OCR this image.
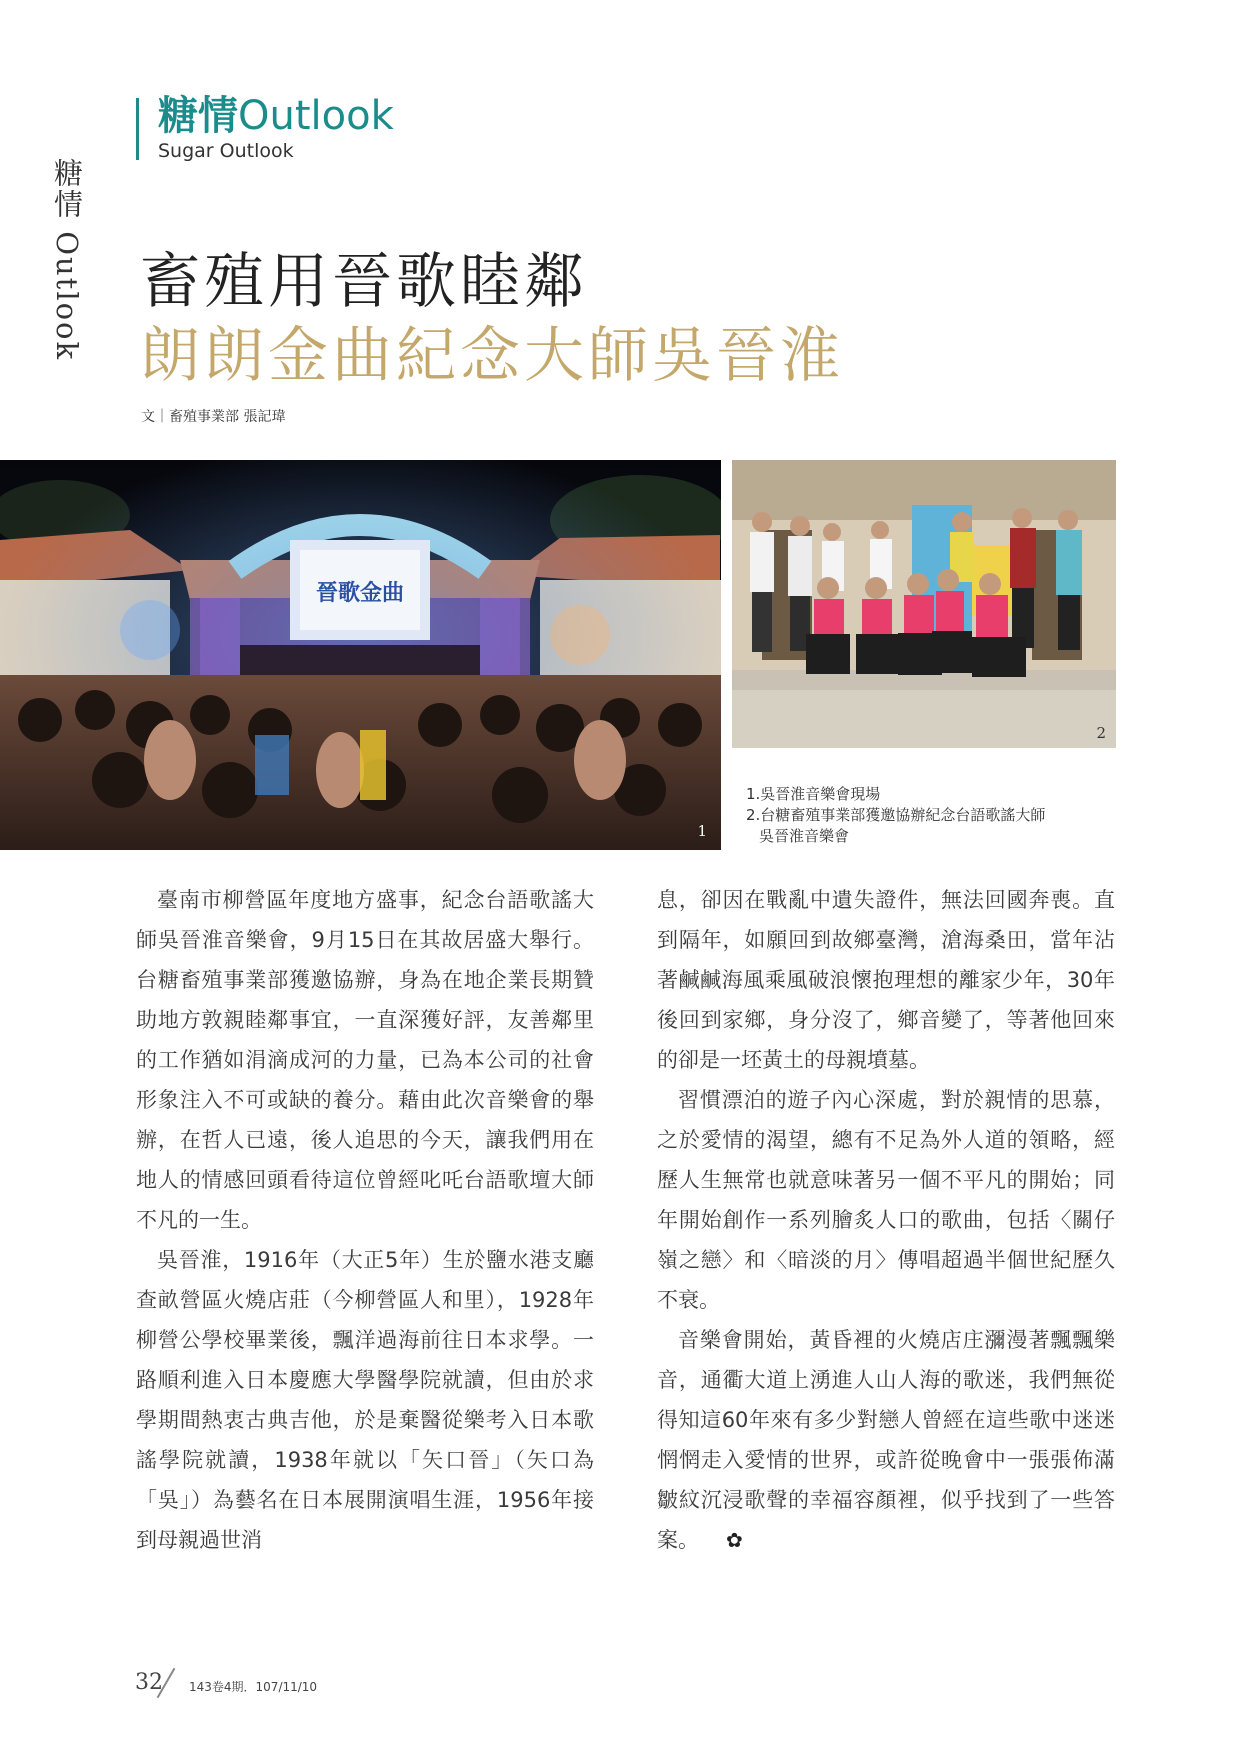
糖情 Outlook
糖情Outlook
Sugar Outlook
畜殖用晉歌睦鄰
朗朗金曲紀念大師吳晉淮
文｜畜殖事業部 張記瑋
晉歌金曲
1
2
1.吳晉淮音樂會現場
2.台糖畜殖事業部獲邀協辦紀念台語歌謠大師
吳晉淮音樂會

臺南市柳營區年度地方盛事，紀念台語歌謠大師吳晉淮音樂會，9月15日在其故居盛大舉行。台糖畜殖事業部獲邀協辦，身為在地企業長期贊助地方敦親睦鄰事宜，一直深獲好評，友善鄰里的工作猶如涓滴成河的力量，已為本公司的社會形象注入不可或缺的養分。藉由此次音樂會的舉辦，在哲人已遠，後人追思的今天，讓我們用在地人的情感回頭看待這位曾經叱吒台語歌壇大師不凡的一生。

吳晉淮，1916年（大正5年）生於鹽水港支廳查畝營區火燒店莊（今柳營區人和里），1928年柳營公學校畢業後，飄洋過海前往日本求學。一路順利進入日本慶應大學醫學院就讀，但由於求學期間熱衷古典吉他，於是棄醫從樂考入日本歌謠學院就讀，1938年就以「矢口晉」（矢口為「吳」）為藝名在日本展開演唱生涯，1956年接到母親過世消

息，卻因在戰亂中遺失證件，無法回國奔喪。直到隔年，如願回到故鄉臺灣，滄海桑田，當年沾著鹹鹹海風乘風破浪懷抱理想的離家少年，30年後回到家鄉，身分沒了，鄉音變了，等著他回來的卻是一坯黃土的母親墳墓。

習慣漂泊的遊子內心深處，對於親情的思慕，之於愛情的渴望，總有不足為外人道的領略，經歷人生無常也就意味著另一個不平凡的開始；同年開始創作一系列膾炙人口的歌曲，包括〈關仔嶺之戀〉和〈暗淡的月〉傳唱超過半個世紀歷久不衰。

音樂會開始，黃昏裡的火燒店庄瀰漫著飄飄樂音，通衢大道上湧進人山人海的歌迷，我們無從得知這60年來有多少對戀人曾經在這些歌中迷迷惘惘走入愛情的世界，或許從晚會中一張張佈滿皺紋沉浸歌聲的幸福容顏裡，似乎找到了一些答案。 ✿

32 143卷4期．107/11/10
